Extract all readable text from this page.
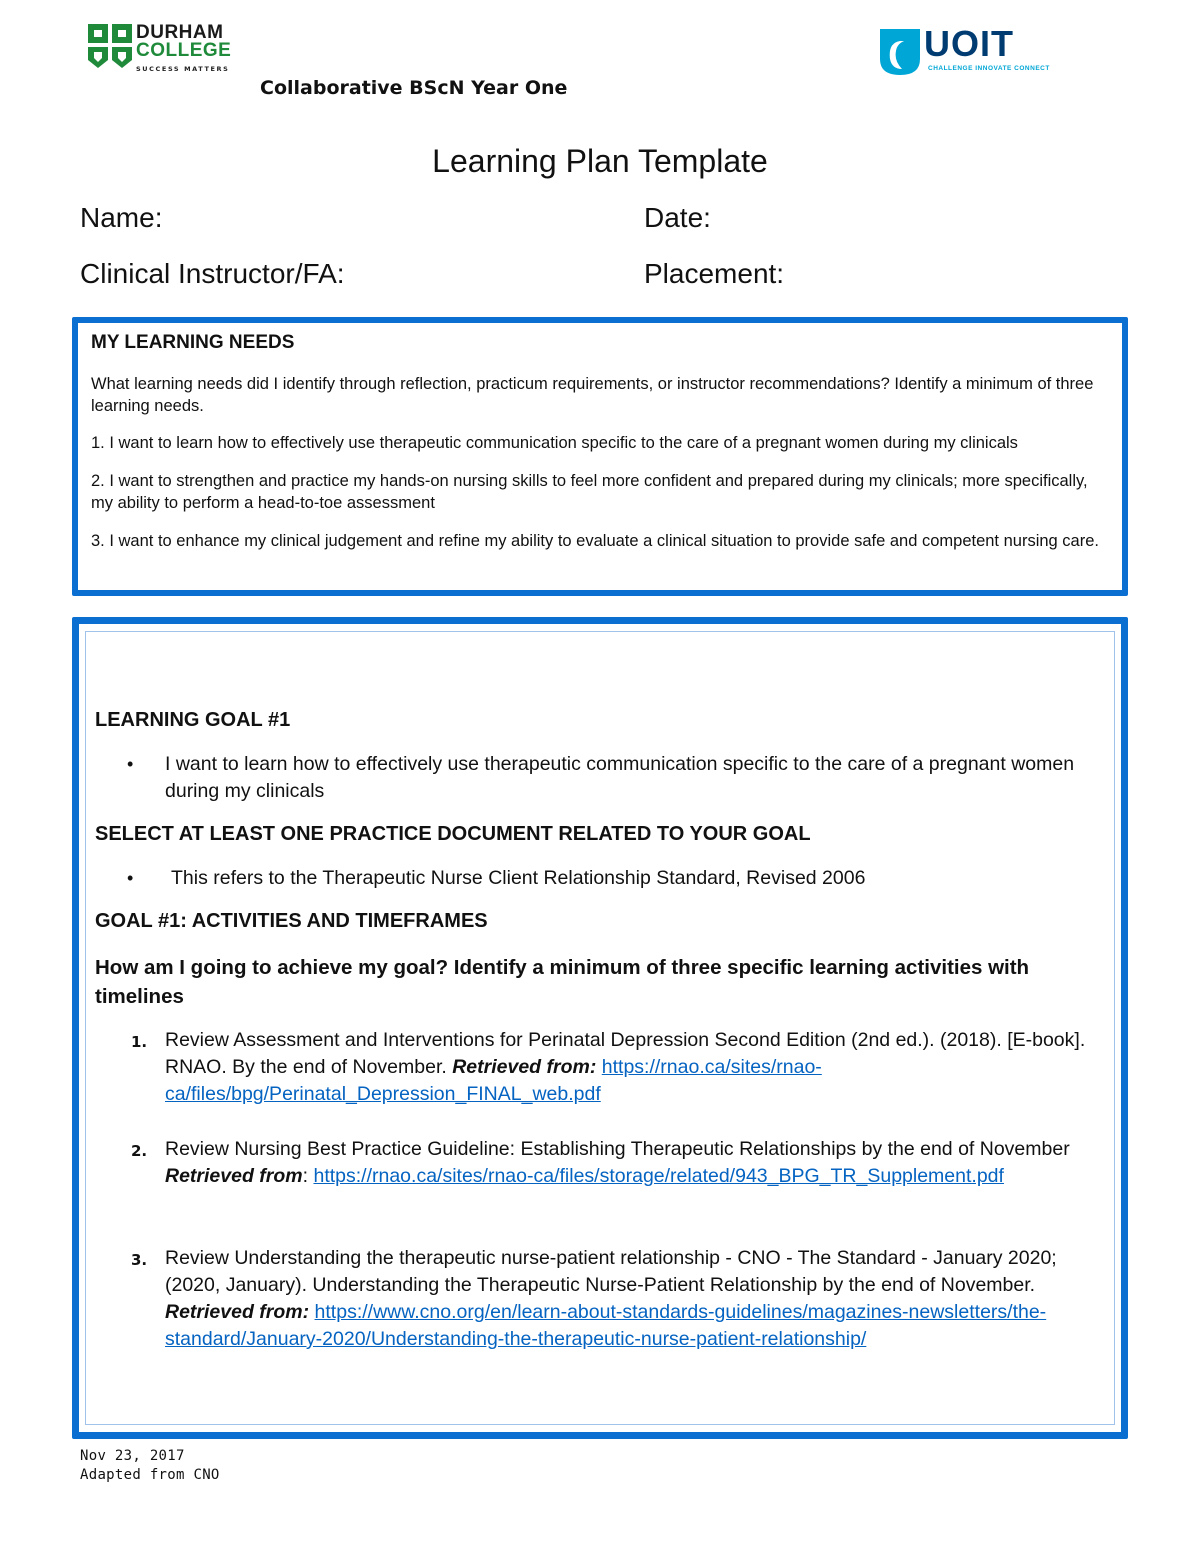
DURHAM
COLLEGE
SUCCESS MATTERS
UOIT
CHALLENGE INNOVATE CONNECT
Collaborative BScN Year One
Learning Plan Template
Name:	Date:
Clinical Instructor/FA:	Placement:
MY LEARNING NEEDS
What learning needs did I identify through reflection, practicum requirements, or instructor recommendations? Identify a minimum of three learning needs.
1. I want to learn how to effectively use therapeutic communication specific to the care of a pregnant women during my clinicals
2. I want to strengthen and practice my hands-on nursing skills to feel more confident and prepared during my clinicals; more specifically, my ability to perform a head-to-toe assessment
3. I want to enhance my clinical judgement and refine my ability to evaluate a clinical situation to provide safe and competent nursing care.
LEARNING GOAL #1
• I want to learn how to effectively use therapeutic communication specific to the care of a pregnant women during my clinicals
SELECT AT LEAST ONE PRACTICE DOCUMENT RELATED TO YOUR GOAL
• This refers to the Therapeutic Nurse Client Relationship Standard, Revised 2006
GOAL #1: ACTIVITIES AND TIMEFRAMES
How am I going to achieve my goal? Identify a minimum of three specific learning activities with timelines
1. Review Assessment and Interventions for Perinatal Depression Second Edition (2nd ed.). (2018). [E-book]. RNAO. By the end of November. Retrieved from: https://rnao.ca/sites/rnao-ca/files/bpg/Perinatal_Depression_FINAL_web.pdf
2. Review Nursing Best Practice Guideline: Establishing Therapeutic Relationships by the end of November Retrieved from: https://rnao.ca/sites/rnao-ca/files/storage/related/943_BPG_TR_Supplement.pdf
3. Review Understanding the therapeutic nurse-patient relationship - CNO - The Standard - January 2020; (2020, January). Understanding the Therapeutic Nurse-Patient Relationship by the end of November. Retrieved from: https://www.cno.org/en/learn-about-standards-guidelines/magazines-newsletters/the-standard/January-2020/Understanding-the-therapeutic-nurse-patient-relationship/
Nov 23, 2017
Adapted from CNO
